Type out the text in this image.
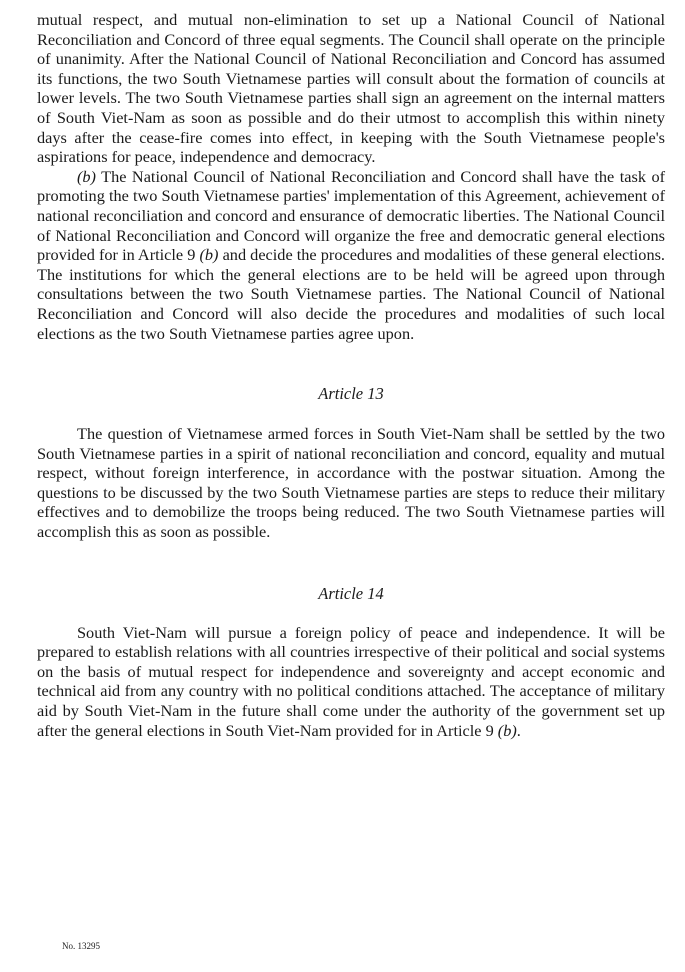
mutual respect, and mutual non-elimination to set up a National Council of National Reconciliation and Concord of three equal segments. The Council shall operate on the principle of unanimity. After the National Council of National Reconciliation and Concord has assumed its functions, the two South Vietnamese parties will consult about the formation of councils at lower levels. The two South Vietnamese parties shall sign an agreement on the internal matters of South Viet-Nam as soon as possible and do their utmost to accomplish this within ninety days after the cease-fire comes into effect, in keeping with the South Vietnamese people's aspirations for peace, independence and democracy.

(b) The National Council of National Reconciliation and Concord shall have the task of promoting the two South Vietnamese parties' implementation of this Agreement, achievement of national reconciliation and concord and ensurance of democratic liberties. The National Council of National Reconciliation and Concord will organize the free and democratic general elections provided for in Article 9 (b) and decide the procedures and modalities of these general elections. The institutions for which the general elections are to be held will be agreed upon through consultations between the two South Vietnamese parties. The National Council of National Reconciliation and Concord will also decide the procedures and modalities of such local elections as the two South Vietnamese parties agree upon.

Article 13

The question of Vietnamese armed forces in South Viet-Nam shall be settled by the two South Vietnamese parties in a spirit of national reconciliation and concord, equality and mutual respect, without foreign interference, in accordance with the postwar situation. Among the questions to be discussed by the two South Vietnamese parties are steps to reduce their military effectives and to demobilize the troops being reduced. The two South Vietnamese parties will accomplish this as soon as possible.

Article 14

South Viet-Nam will pursue a foreign policy of peace and independence. It will be prepared to establish relations with all countries irrespective of their political and social systems on the basis of mutual respect for independence and sovereignty and accept economic and technical aid from any country with no political conditions attached. The acceptance of military aid by South Viet-Nam in the future shall come under the authority of the government set up after the general elections in South Viet-Nam provided for in Article 9 (b).

No. 13295
